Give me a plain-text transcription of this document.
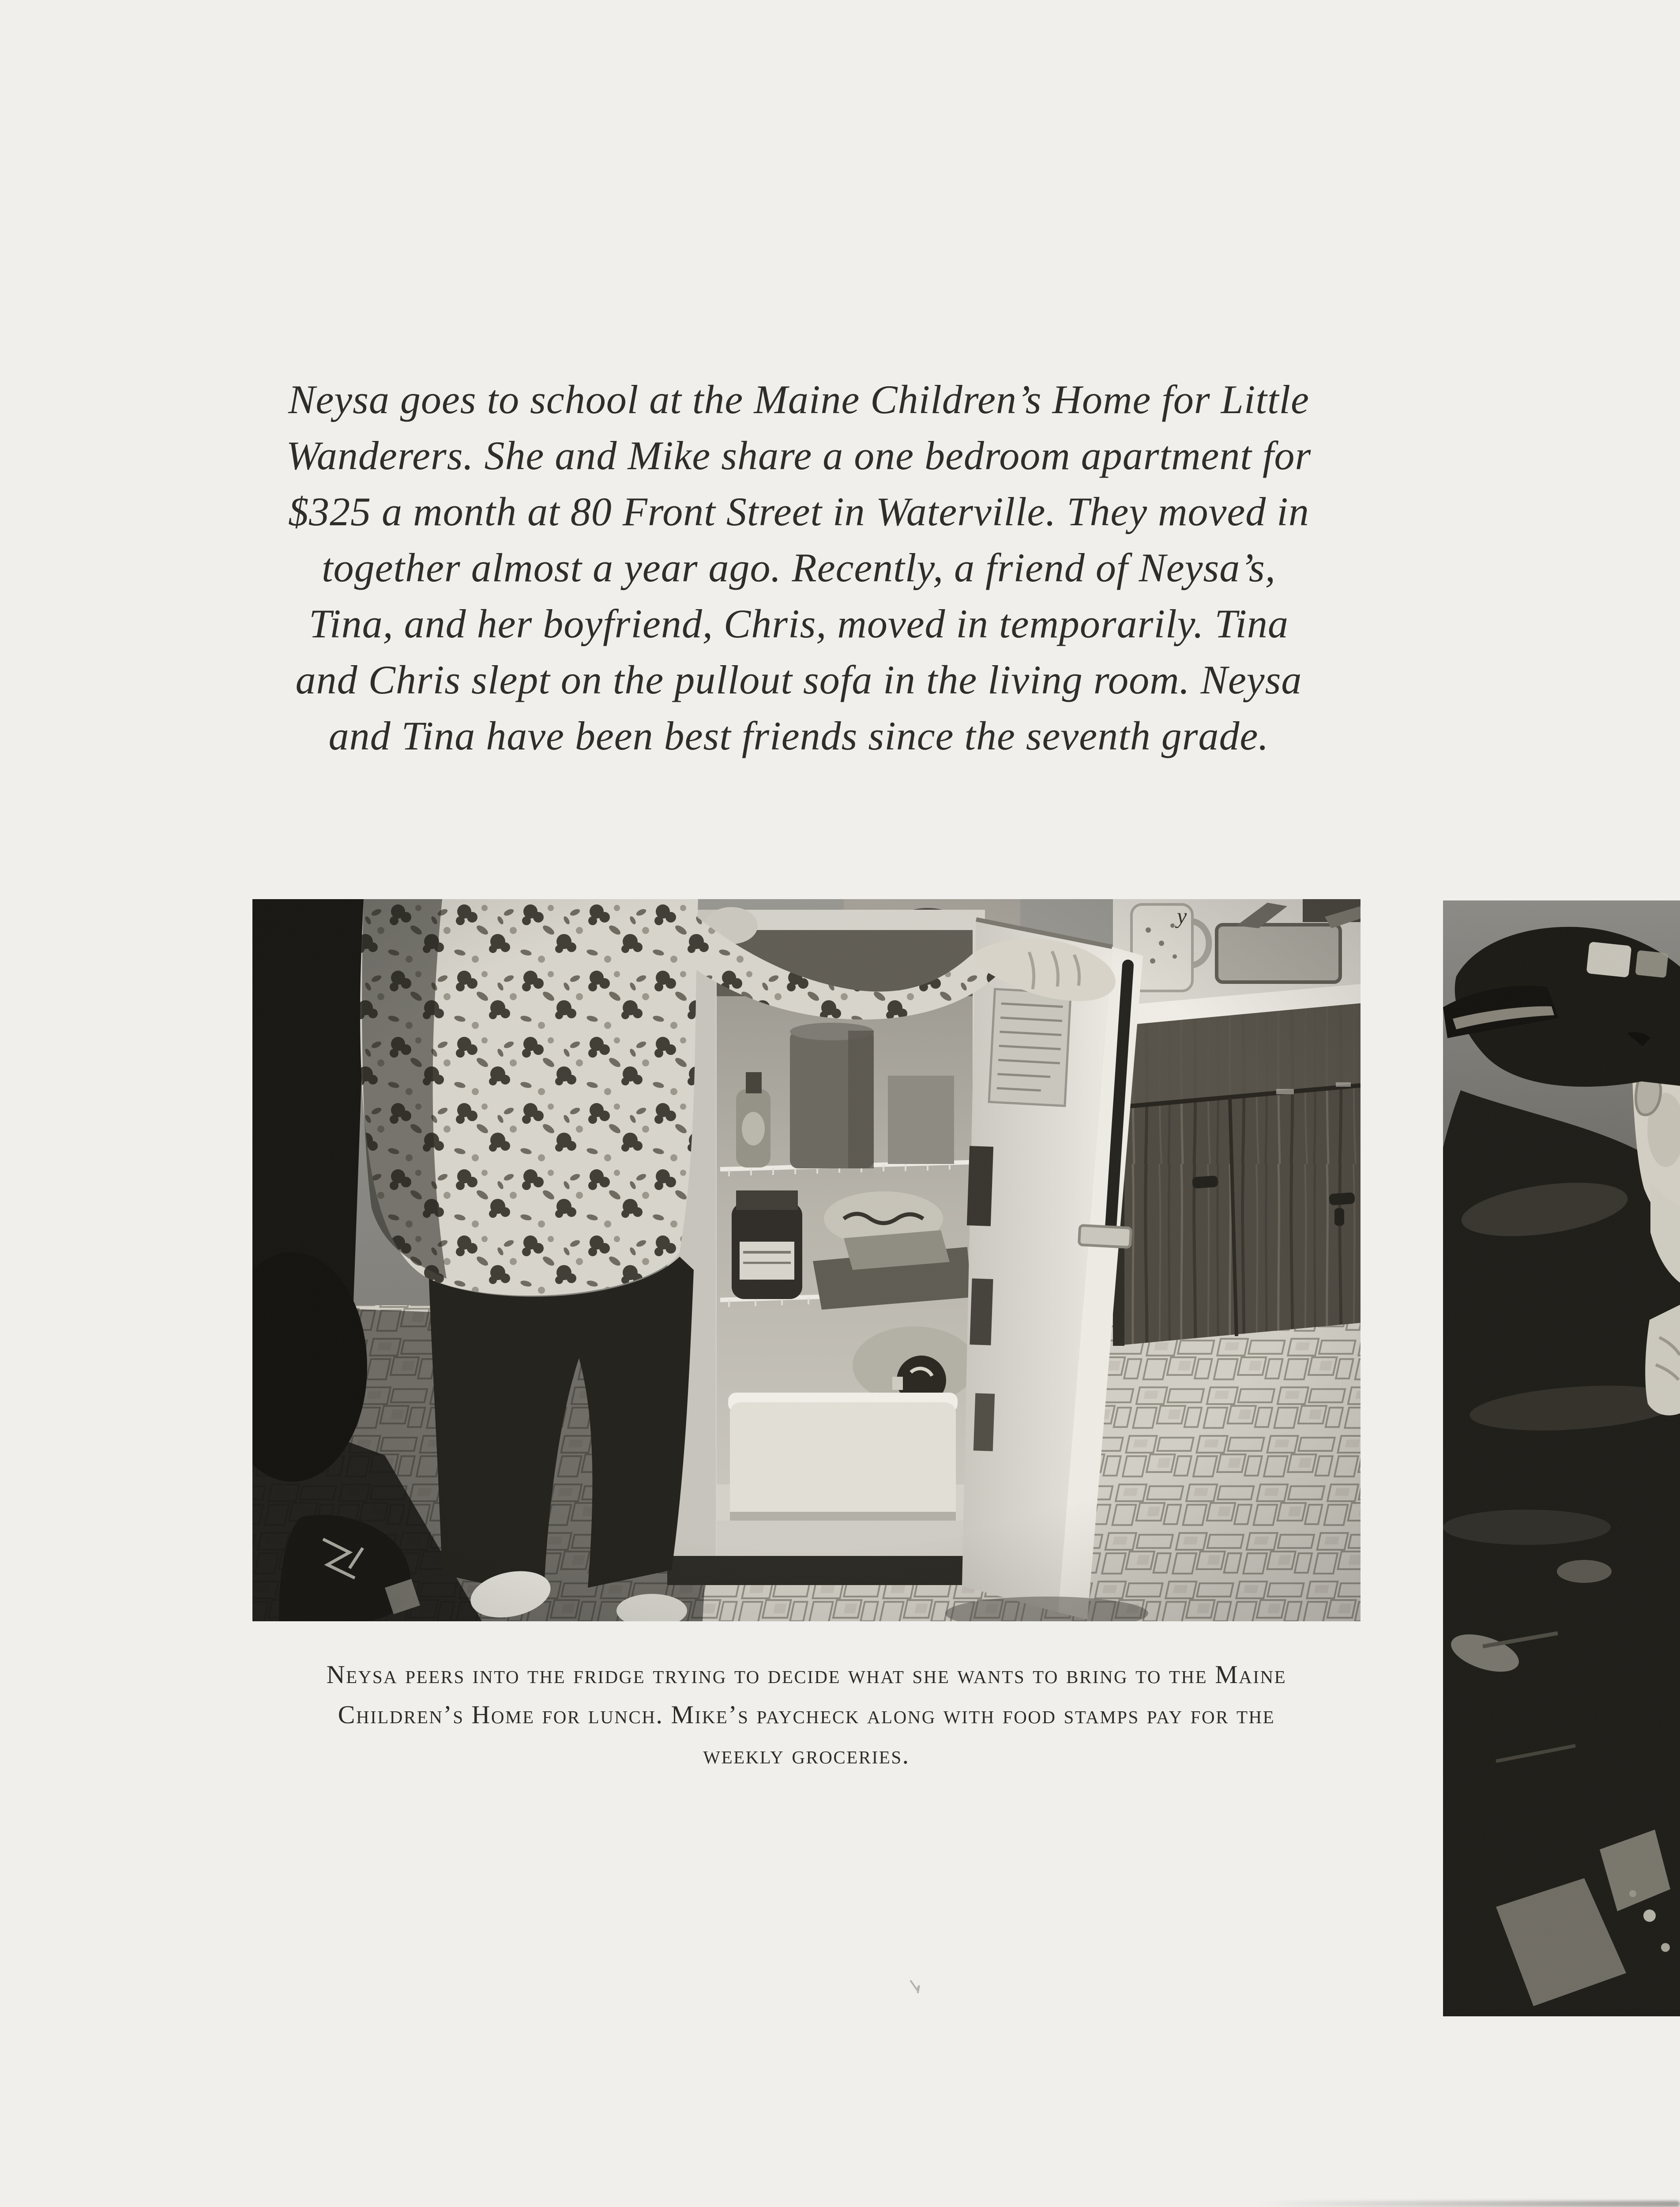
Neysa goes to school at the Maine Children’s Home for Little
Wanderers. She and Mike share a one bedroom apartment for
$325 a month at 80 Front Street in Waterville. They moved in
together almost a year ago. Recently, a friend of Neysa’s,
Tina, and her boyfriend, Chris, moved in temporarily. Tina
and Chris slept on the pullout sofa in the living room. Neysa
and Tina have been best friends since the seventh grade.
Neysa peers into the fridge trying to decide what she wants to bring to the Maine
Children’s Home for lunch. Mike’s paycheck along with food stamps pay for the
weekly groceries.
